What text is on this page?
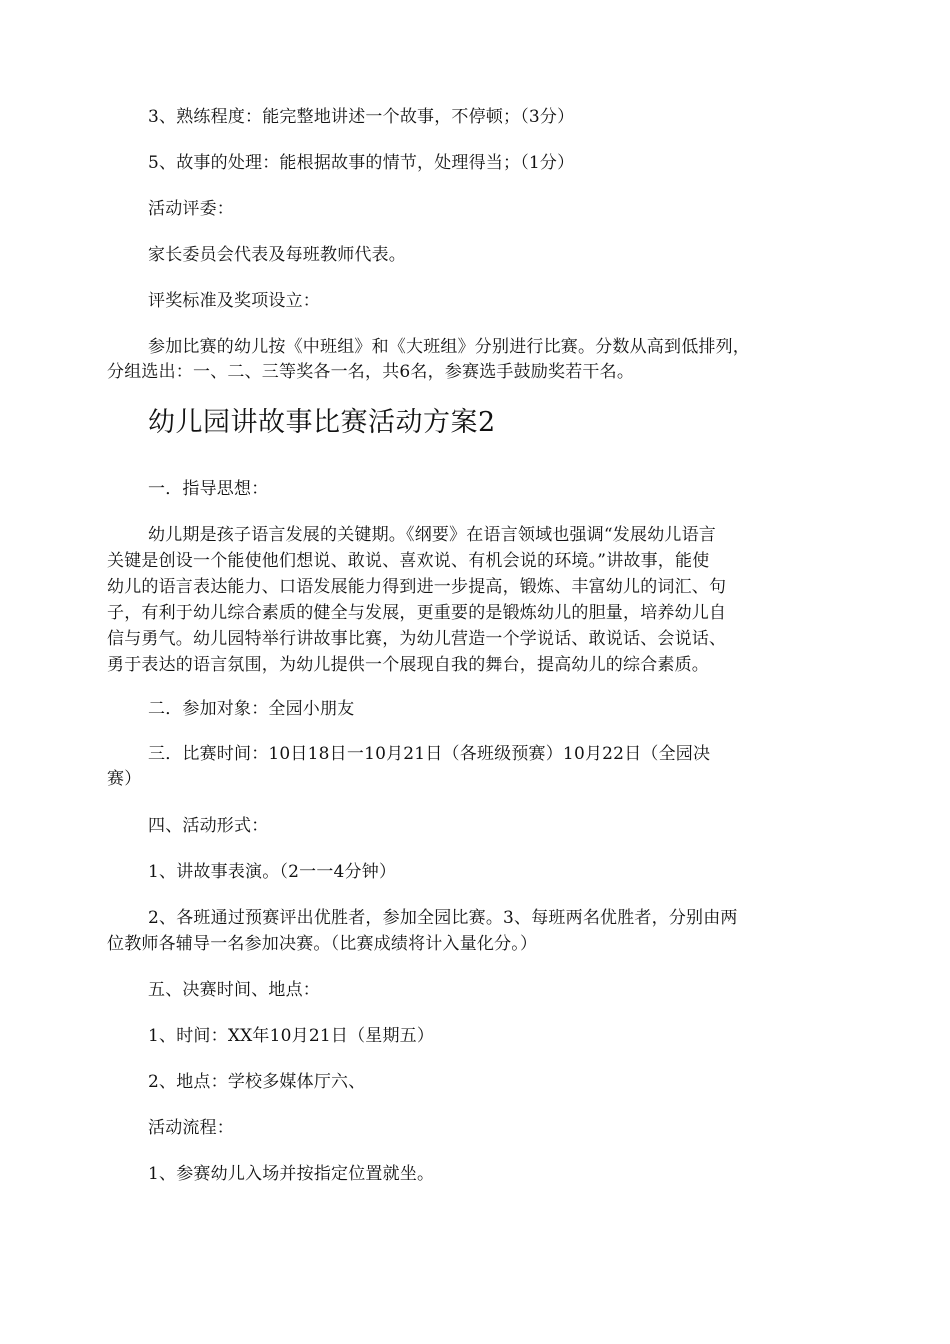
3、熟练程度：能完整地讲述一个故事，不停顿；（3分）
5、故事的处理：能根据故事的情节，处理得当；（1分）
活动评委：
家长委员会代表及每班教师代表。
评奖标准及奖项设立：
参加比赛的幼儿按《中班组》和《大班组》分别进行比赛。分数从高到低排列，
分组选出：一、二、三等奖各一名，共6名，参赛选手鼓励奖若干名。
幼儿园讲故事比赛活动方案2
一．指导思想：
幼儿期是孩子语言发展的关键期。《纲要》在语言领域也强调“发展幼儿语言
关键是创设一个能使他们想说、敢说、喜欢说、有机会说的环境。”讲故事，能使
幼儿的语言表达能力、口语发展能力得到进一步提高，锻炼、丰富幼儿的词汇、句
子，有利于幼儿综合素质的健全与发展，更重要的是锻炼幼儿的胆量，培养幼儿自
信与勇气。幼儿园特举行讲故事比赛，为幼儿营造一个学说话、敢说话、会说话、
勇于表达的语言氛围，为幼儿提供一个展现自我的舞台，提高幼儿的综合素质。
二．参加对象：全园小朋友
三．比赛时间：10日18日一10月21日（各班级预赛）10月22日（全园决
赛）
四、活动形式：
1、讲故事表演。（2一一4分钟）
2、各班通过预赛评出优胜者，参加全园比赛。3、每班两名优胜者，分别由两
位教师各辅导一名参加决赛。（比赛成绩将计入量化分。）
五、决赛时间、地点：
1、时间：XX年10月21日（星期五）
2、地点：学校多媒体厅六、
活动流程：
1、参赛幼儿入场并按指定位置就坐。
